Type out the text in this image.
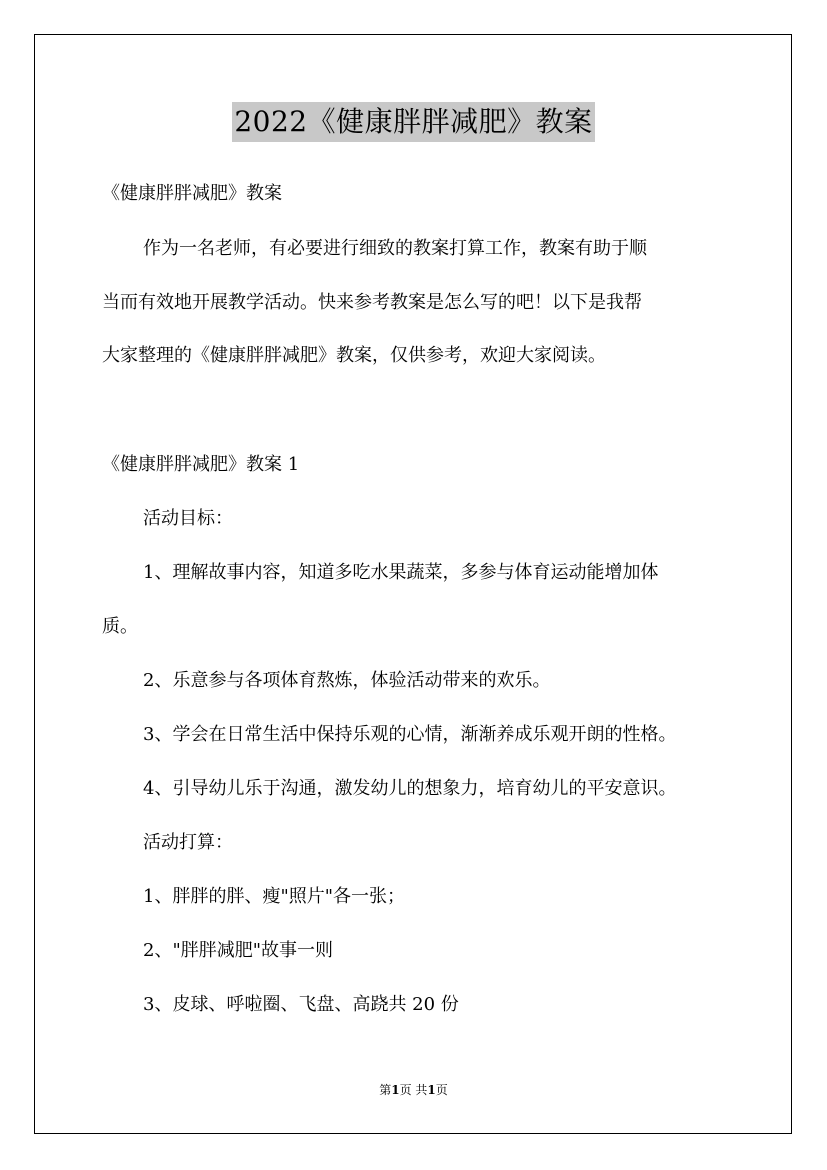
2022《健康胖胖减肥》教案
《健康胖胖减肥》教案
作为一名老师，有必要进行细致的教案打算工作，教案有助于顺
当而有效地开展教学活动。快来参考教案是怎么写的吧！以下是我帮
大家整理的《健康胖胖减肥》教案，仅供参考，欢迎大家阅读。
《健康胖胖减肥》教案 1
活动目标：
1、理解故事内容，知道多吃水果蔬菜，多参与体育运动能增加体
质。
2、乐意参与各项体育熬炼，体验活动带来的欢乐。
3、学会在日常生活中保持乐观的心情，渐渐养成乐观开朗的性格。
4、引导幼儿乐于沟通，激发幼儿的想象力，培育幼儿的平安意识。
活动打算：
1、胖胖的胖、瘦"照片"各一张；
2、"胖胖减肥"故事一则
3、皮球、呼啦圈、飞盘、高跷共 20 份
第1页 共1页
